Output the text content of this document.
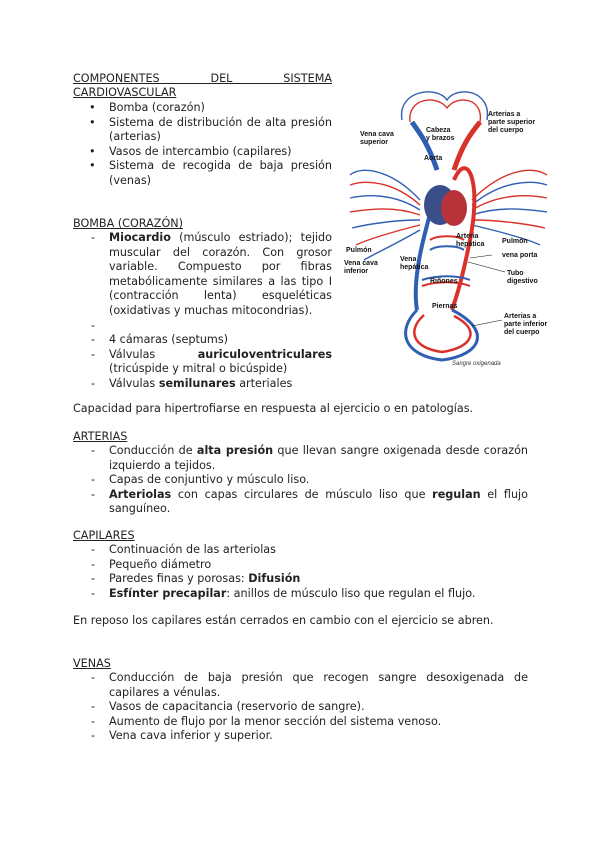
COMPONENTES DEL SISTEMA
CARDIOVASCULAR
• Bomba (corazón)
• Sistema de distribución de alta presión (arterias)
• Vasos de intercambio (capilares)
• Sistema de recogida de baja presión (venas)
BOMBA (CORAZÓN)
- Miocardio (músculo estriado); tejido muscular del corazón. Con grosor variable. Compuesto por fibras metabólicamente similares a las tipo I (contracción lenta) esqueléticas (oxidativas y muchas mitocondrias).
-
- 4 cámaras (septums)
- Válvulas auriculoventriculares (tricúspide y mitral o bicúspide)
- Válvulas semilunares arteriales
Capacidad para hipertrofiarse en respuesta al ejercicio o en patologías.
ARTERIAS
- Conducción de alta presión que llevan sangre oxigenada desde corazón izquierdo a tejidos.
- Capas de conjuntivo y músculo liso.
- Arteriolas con capas circulares de músculo liso que regulan el flujo sanguíneo.
CAPILARES
- Continuación de las arteriolas
- Pequeño diámetro
- Paredes finas y porosas: Difusión
- Esfínter precapilar: anillos de músculo liso que regulan el flujo.
En reposo los capilares están cerrados en cambio con el ejercicio se abren.
VENAS
- Conducción de baja presión que recogen sangre desoxigenada de capilares a vénulas.
- Vasos de capacitancia (reservorio de sangre).
- Aumento de flujo por la menor sección del sistema venoso.
- Vena cava inferior y superior.
Vena cava
superior
Cabeza
y brazos
Arterias a
parte superior
del cuerpo
Aorta
Arteria
hepática
Pulmón
Pulmón
vena porta
Vena cava
inferior
Vena
hepática
Riñones
Tubo
digestivo
Piernas
Arterias a
parte inferior
del cuerpo
Sangre oxigenada
